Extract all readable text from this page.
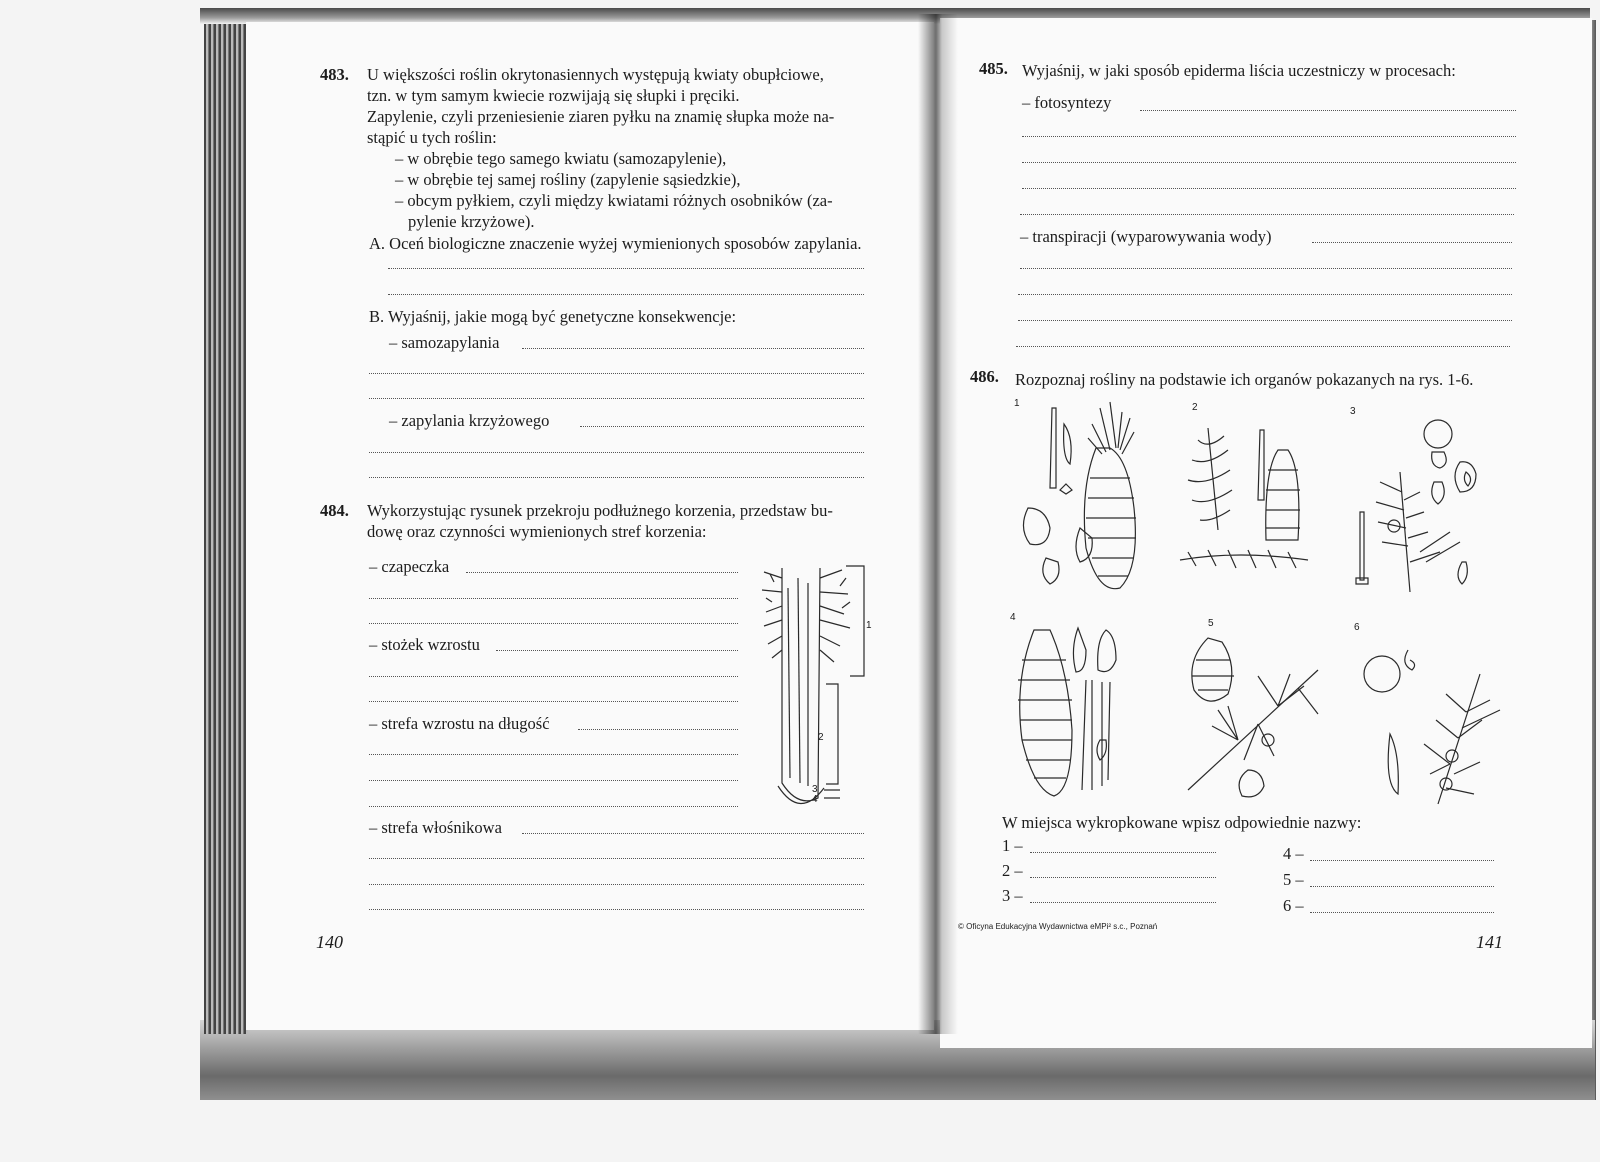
483. U większości roślin okrytonasiennych występują kwiaty obupłciowe,
tzn. w tym samym kwiecie rozwijają się słupki i pręciki.
Zapylenie, czyli przeniesienie ziaren pyłku na znamię słupka może na-
stąpić u tych roślin:
– w obrębie tego samego kwiatu (samozapylenie),
– w obrębie tej samej rośliny (zapylenie sąsiedzkie),
– obcym pyłkiem, czyli między kwiatami różnych osobników (za-
pylenie krzyżowe).
A. Oceń biologiczne znaczenie wyżej wymienionych sposobów zapylania.
B. Wyjaśnij, jakie mogą być genetyczne konsekwencje:
– samozapylania
– zapylania krzyżowego
484. Wykorzystując rysunek przekroju podłużnego korzenia, przedstaw bu-
dowę oraz czynności wymienionych stref korzenia:
– czapeczka
– stożek wzrostu
– strefa wzrostu na długość
– strefa włośnikowa
1
2
3
4
140
485. Wyjaśnij, w jaki sposób epiderma liścia uczestniczy w procesach:
– fotosyntezy
– transpiracji (wyparowywania wody)
486. Rozpoznaj rośliny na podstawie ich organów pokazanych na rys. 1-6.
1	2	3
4
5	6
W miejsca wykropkowane wpisz odpowiednie nazwy:
1 –
2 –
3 –
4 –
5 –
6 –
© Oficyna Edukacyjna Wydawnictwa eMPi² s.c., Poznań
141
